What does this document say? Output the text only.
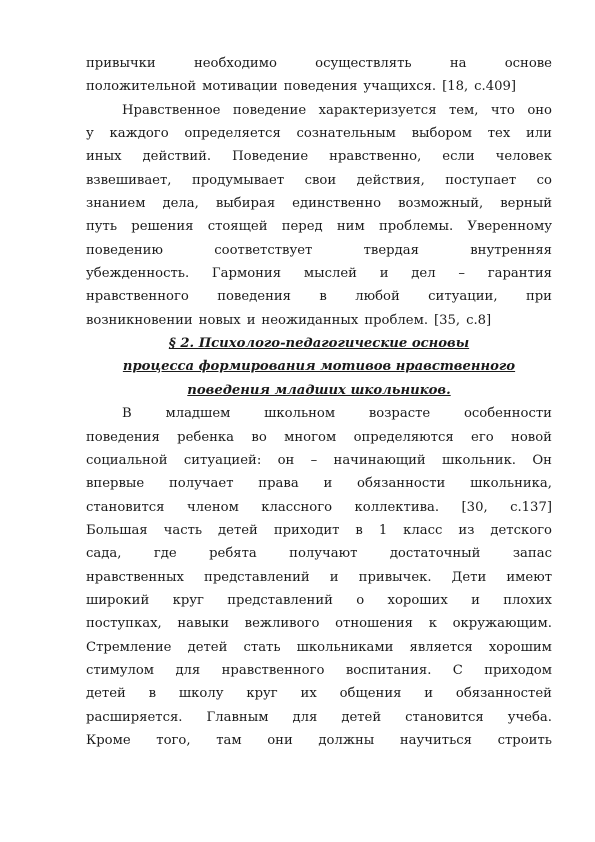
привычки	необходимо	осуществлять	на	основе
положительной мотивации поведения учащихся. [18, с.409]
Нравственное поведение характеризуется тем, что оно
у каждого определяется сознательным выбором тех или
иных действий. Поведение нравственно, если человек
взвешивает, продумывает свои действия, поступает со
знанием дела, выбирая единственно возможный, верный
путь решения стоящей перед ним проблемы. Уверенному
поведению	соответствует	твердая	внутренняя
убежденность. Гармония мыслей и дел – гарантия
нравственного поведения в любой ситуации, при
возникновении новых и неожиданных проблем. [35, с.8]
§ 2. Психолого-педагогические основы
процесса формирования мотивов нравственного
поведения младших школьников.
В	младшем	школьном	возрасте	особенности
поведения ребенка во многом определяются его новой
социальной ситуацией: он – начинающий школьник. Он
впервые получает права и обязанности школьника,
становится членом классного коллектива. [30, с.137]
Большая часть детей приходит в 1 класс из детского
сада, где ребята получают достаточный запас
нравственных представлений и привычек. Дети имеют
широкий круг представлений о хороших и плохих
поступках, навыки вежливого отношения к окружающим.
Стремление детей стать школьниками является хорошим
стимулом для нравственного воспитания. С приходом
детей в школу круг их общения и обязанностей
расширяется. Главным для детей становится учеба.
Кроме того, там они должны научиться строить
